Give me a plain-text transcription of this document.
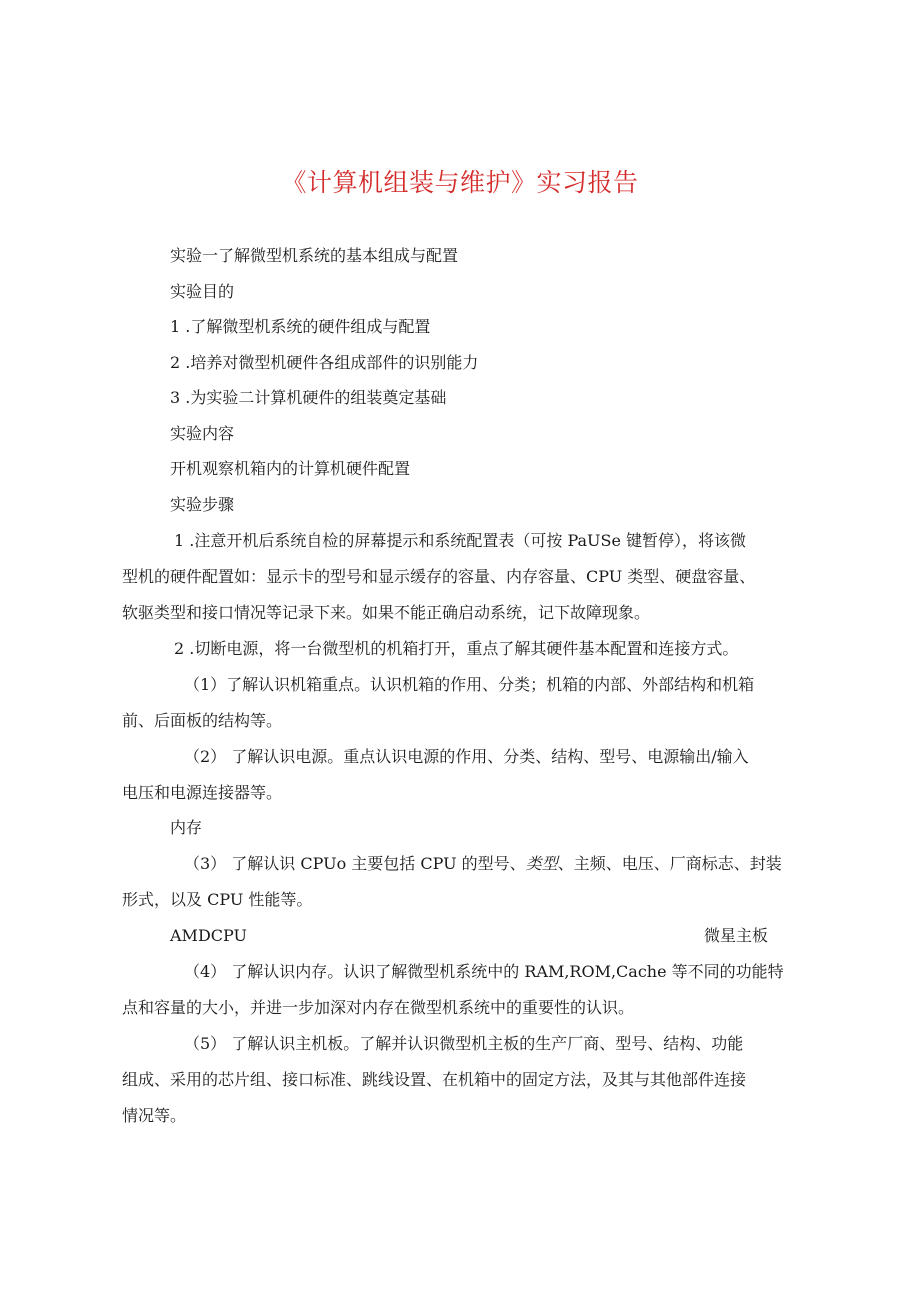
《计算机组装与维护》实习报告
实验一了解微型机系统的基本组成与配置
实验目的
1 .了解微型机系统的硬件组成与配置
2 .培养对微型机硬件各组成部件的识别能力
3 .为实验二计算机硬件的组装奠定基础
实验内容
开机观察机箱内的计算机硬件配置
实验步骤
1 .注意开机后系统自检的屏幕提示和系统配置表（可按 PaUSe 键暂停），将该微
型机的硬件配置如：显示卡的型号和显示缓存的容量、内存容量、CPU 类型、硬盘容量、
软驱类型和接口情况等记录下来。如果不能正确启动系统，记下故障现象。
2 .切断电源，将一台微型机的机箱打开，重点了解其硬件基本配置和连接方式。
（1）了解认识机箱重点。认识机箱的作用、分类；机箱的内部、外部结构和机箱
前、后面板的结构等。
（2） 了解认识电源。重点认识电源的作用、分类、结构、型号、电源输出/输入
电压和电源连接器等。
内存
（3） 了解认识 CPUo 主要包括 CPU 的型号、类型、主频、电压、厂商标志、封装
形式，以及 CPU 性能等。
AMDCPU	微星主板
（4） 了解认识内存。认识了解微型机系统中的 RAM,ROM,Cache 等不同的功能特
点和容量的大小，并进一步加深对内存在微型机系统中的重要性的认识。
（5） 了解认识主机板。了解并认识微型机主板的生产厂商、型号、结构、功能
组成、采用的芯片组、接口标准、跳线设置、在机箱中的固定方法，及其与其他部件连接
情况等。
